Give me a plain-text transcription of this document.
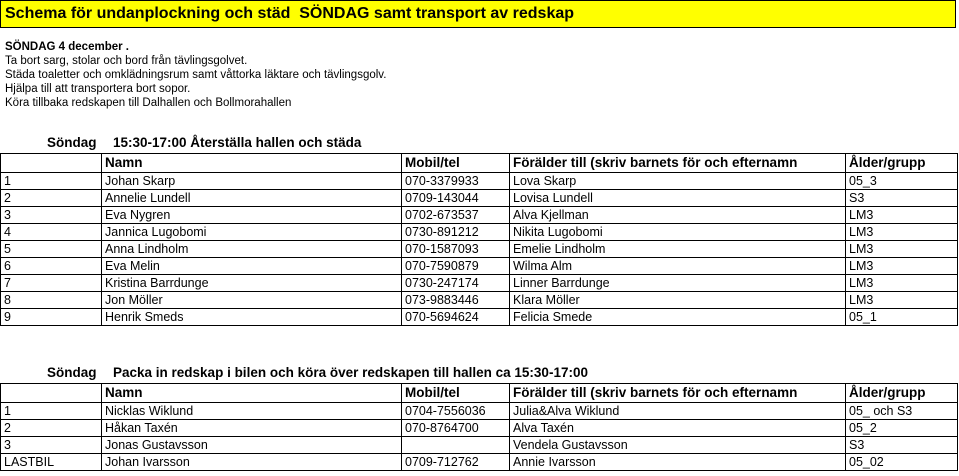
Schema för undanplockning och städ  SÖNDAG samt transport av redskap
SÖNDAG 4 december .
Ta bort sarg, stolar och bord från tävlingsgolvet.
Städa toaletter och omklädningsrum samt våttorka läktare och tävlingsgolv.
Hjälpa till att transportera bort sopor.
Köra tillbaka redskapen till Dalhallen och Bollmorahallen
Söndag 15:30-17:00 Återställa hallen och städa
	Namn	Mobil/tel	Förälder till (skriv barnets för och efternamn	Ålder/grupp
1	Johan Skarp	070-3379933	Lova Skarp	05_3
2	Annelie Lundell	0709-143044	Lovisa Lundell	S3
3	Eva Nygren	0702-673537	Alva Kjellman	LM3
4	Jannica Lugobomi	0730-891212	Nikita Lugobomi	LM3
5	Anna Lindholm	070-1587093	Emelie Lindholm	LM3
6	Eva Melin	070-7590879	Wilma Alm	LM3
7	Kristina Barrdunge	0730-247174	Linner Barrdunge	LM3
8	Jon Möller	073-9883446	Klara Möller	LM3
9	Henrik Smeds	070-5694624	Felicia Smede	05_1
Söndag Packa in redskap i bilen och köra över redskapen till hallen ca 15:30-17:00
	Namn	Mobil/tel	Förälder till (skriv barnets för och efternamn	Ålder/grupp
1	Nicklas Wiklund	0704-7556036	Julia&Alva Wiklund	05_ och S3
2	Håkan Taxén	070-8764700	Alva Taxén	05_2
3	Jonas Gustavsson		Vendela Gustavsson	S3
LASTBIL	Johan Ivarsson	0709-712762	Annie Ivarsson	05_02
